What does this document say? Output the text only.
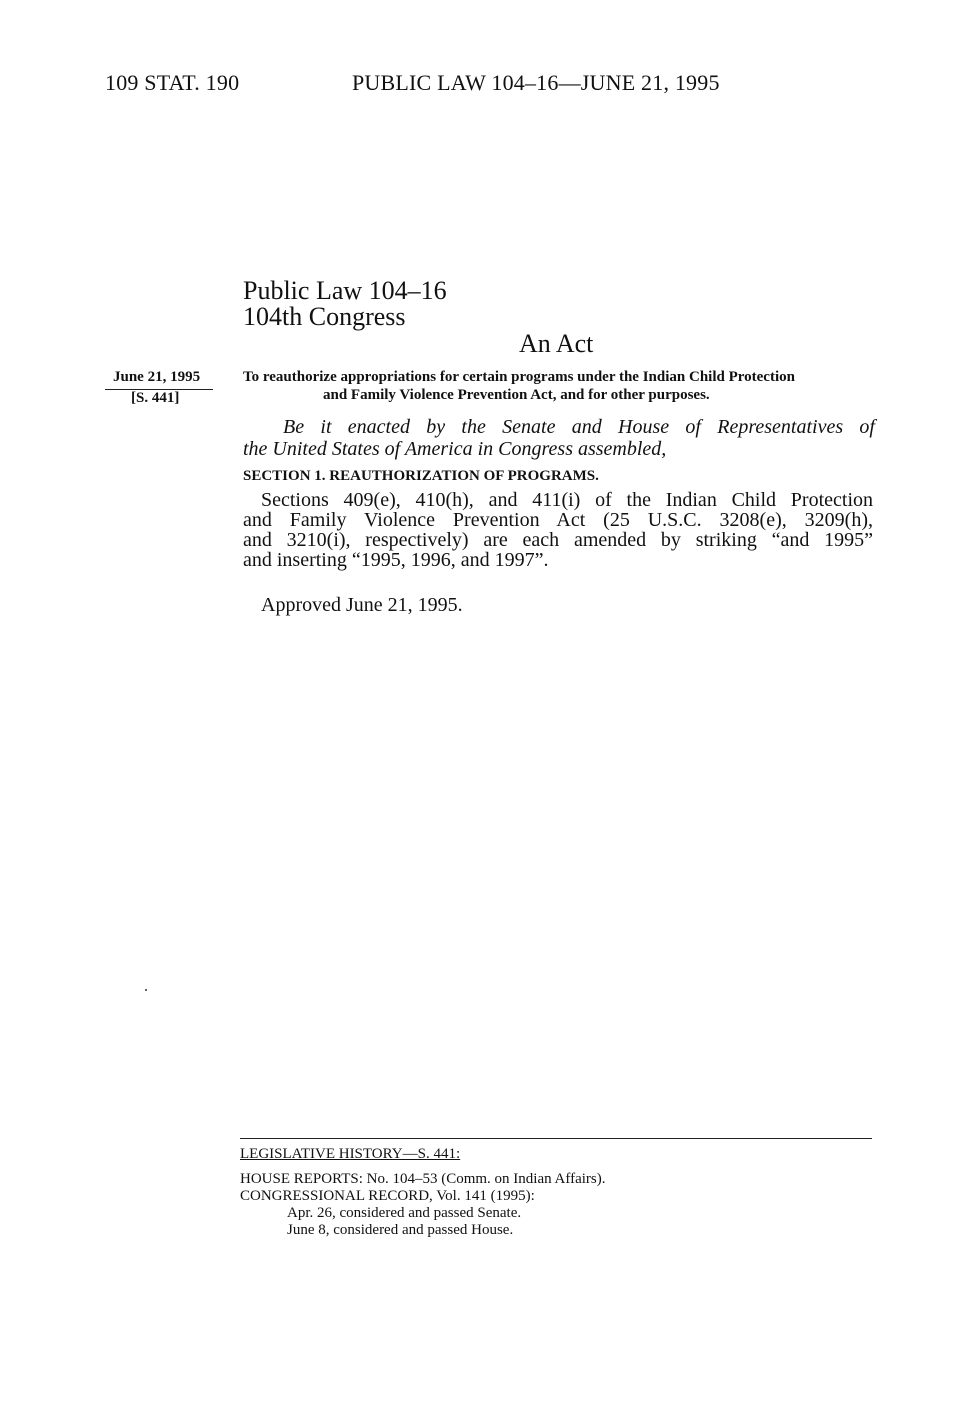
109 STAT. 190	PUBLIC LAW 104–16—JUNE 21, 1995
Public Law 104–16
104th Congress
An Act
June 21, 1995
[S. 441]
To reauthorize appropriations for certain programs under the Indian Child Protection
and Family Violence Prevention Act, and for other purposes.
Be it enacted by the Senate and House of Representatives of
the United States of America in Congress assembled,
SECTION 1. REAUTHORIZATION OF PROGRAMS.
Sections 409(e), 410(h), and 411(i) of the Indian Child Protection
and Family Violence Prevention Act (25 U.S.C. 3208(e), 3209(h),
and 3210(i), respectively) are each amended by striking “and 1995”
and inserting “1995, 1996, and 1997”.
Approved June 21, 1995.
LEGISLATIVE HISTORY—S. 441:
HOUSE REPORTS: No. 104–53 (Comm. on Indian Affairs).
CONGRESSIONAL RECORD, Vol. 141 (1995):
Apr. 26, considered and passed Senate.
June 8, considered and passed House.
